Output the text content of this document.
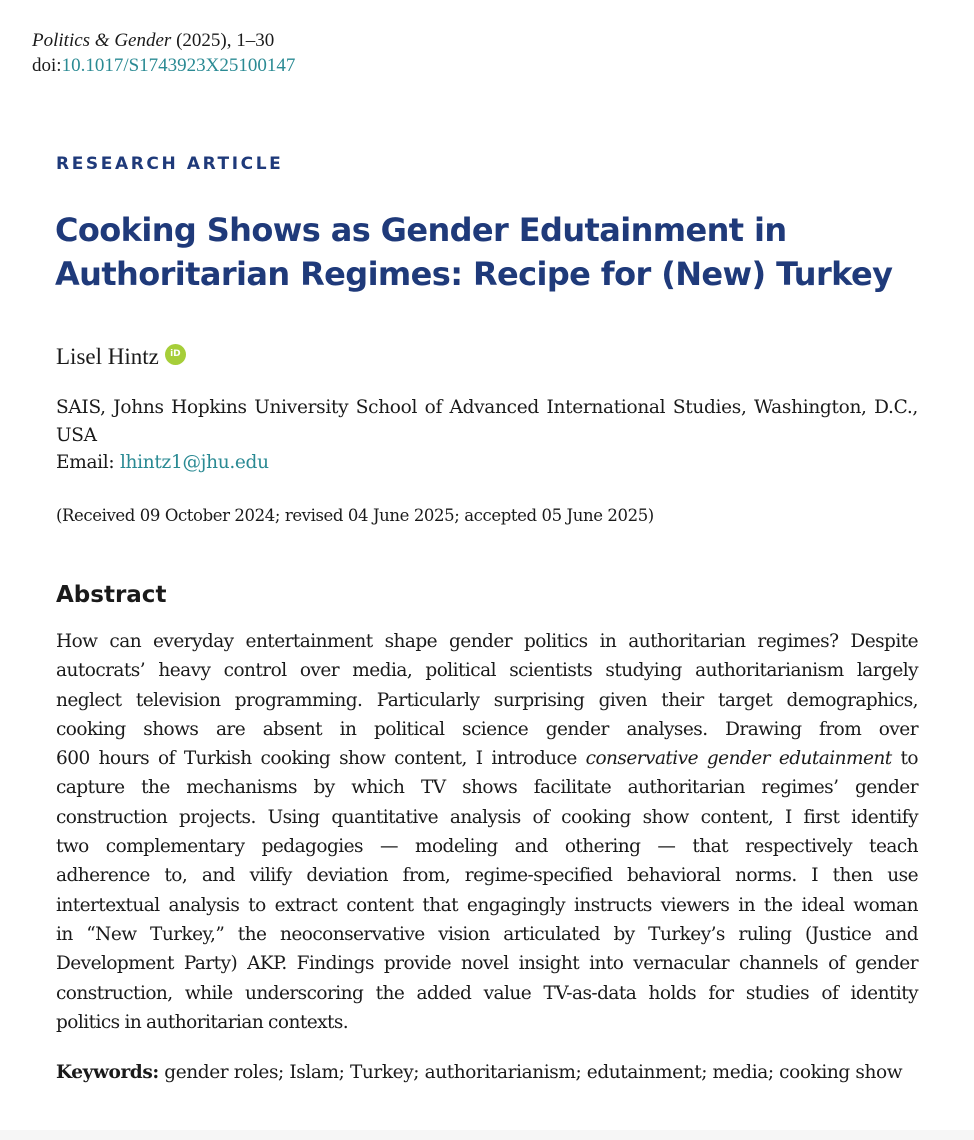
Politics & Gender (2025), 1–30
doi:10.1017/S1743923X25100147
RESEARCH ARTICLE
Cooking Shows as Gender Edutainment in
Authoritarian Regimes: Recipe for (New) Turkey
Lisel Hintz	iD
SAIS, Johns Hopkins University School of Advanced International Studies, Washington, D.C., USA
Email: lhintz1@jhu.edu
(Received 09 October 2024; revised 04 June 2025; accepted 05 June 2025)
Abstract
How can everyday entertainment shape gender politics in authoritarian regimes? Despite
autocrats’ heavy control over media, political scientists studying authoritarianism largely
neglect television programming. Particularly surprising given their target demographics,
cooking shows are absent in political science gender analyses. Drawing from over
600 hours of Turkish cooking show content, I introduce conservative gender edutainment to
capture the mechanisms by which TV shows facilitate authoritarian regimes’ gender
construction projects. Using quantitative analysis of cooking show content, I first identify
two complementary pedagogies — modeling and othering — that respectively teach
adherence to, and vilify deviation from, regime-specified behavioral norms. I then use
intertextual analysis to extract content that engagingly instructs viewers in the ideal woman
in “New Turkey,” the neoconservative vision articulated by Turkey’s ruling (Justice and
Development Party) AKP. Findings provide novel insight into vernacular channels of gender
construction, while underscoring the added value TV-as-data holds for studies of identity
politics in authoritarian contexts.
Keywords: gender roles; Islam; Turkey; authoritarianism; edutainment; media; cooking show
